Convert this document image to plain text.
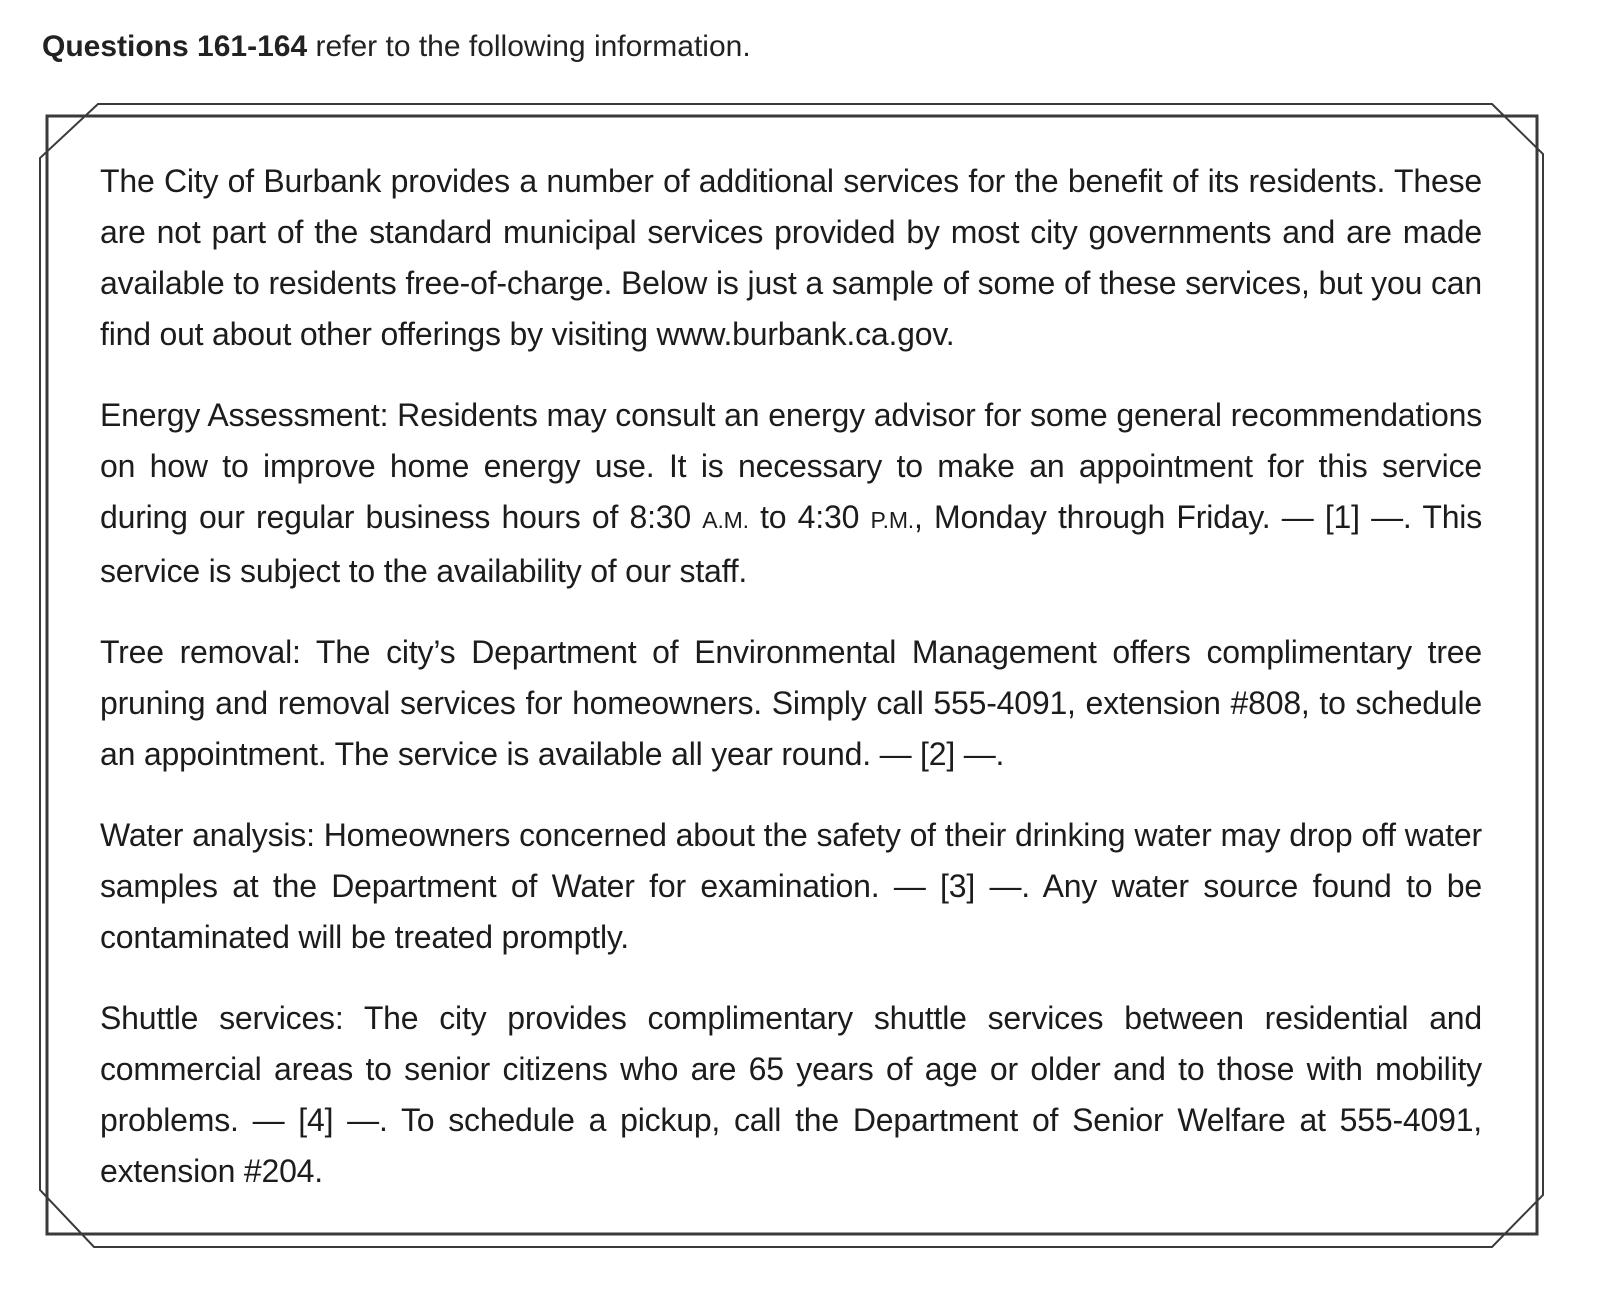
Questions 161-164 refer to the following information.

The City of Burbank provides a number of additional services for the benefit of its residents. These are not part of the standard municipal services provided by most city governments and are made available to residents free-of-charge. Below is just a sample of some of these services, but you can find out about other offerings by visiting www.burbank.ca.gov.

Energy Assessment: Residents may consult an energy advisor for some general recommendations on how to improve home energy use. It is necessary to make an appointment for this service during our regular business hours of 8:30 A.M. to 4:30 P.M., Monday through Friday. — [1] —. This service is subject to the availability of our staff.

Tree removal: The city’s Department of Environmental Management offers complimentary tree pruning and removal services for homeowners. Simply call 555-4091, extension #808, to schedule an appointment. The service is available all year round. — [2] —.

Water analysis: Homeowners concerned about the safety of their drinking water may drop off water samples at the Department of Water for examination. — [3] —. Any water source found to be contaminated will be treated promptly.

Shuttle services: The city provides complimentary shuttle services between residential and commercial areas to senior citizens who are 65 years of age or older and to those with mobility problems. — [4] —. To schedule a pickup, call the Department of Senior Welfare at 555-4091, extension #204.
